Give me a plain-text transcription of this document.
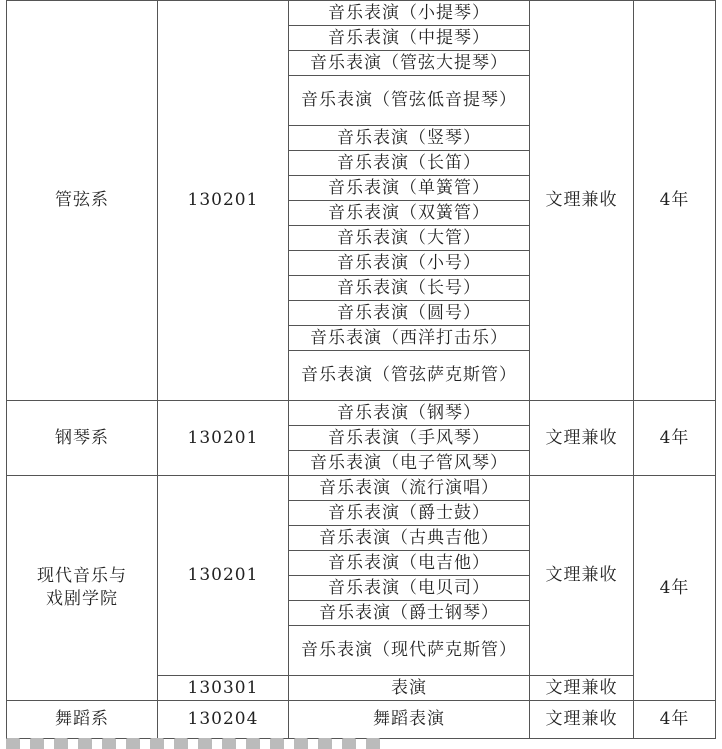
管弦系	130201	音乐表演（小提琴）	文理兼收	4年
		音乐表演（中提琴）		
		音乐表演（管弦大提琴）		
		音乐表演（管弦低音提琴）		
		音乐表演（竖琴）		
		音乐表演（长笛）		
		音乐表演（单簧管）		
		音乐表演（双簧管）		
		音乐表演（大管）		
		音乐表演（小号）		
		音乐表演（长号）		
		音乐表演（圆号）		
		音乐表演（西洋打击乐）		
		音乐表演（管弦萨克斯管）		
钢琴系	130201	音乐表演（钢琴）	文理兼收	4年
		音乐表演（手风琴）		
		音乐表演（电子管风琴）		
现代音乐与戏剧学院	130201	音乐表演（流行演唱）	文理兼收	4年
		音乐表演（爵士鼓）		
		音乐表演（古典吉他）		
		音乐表演（电吉他）		
		音乐表演（电贝司）		
		音乐表演（爵士钢琴）		
		音乐表演（现代萨克斯管）		
	130301	表演	文理兼收	
舞蹈系	130204	舞蹈表演	文理兼收	4年
